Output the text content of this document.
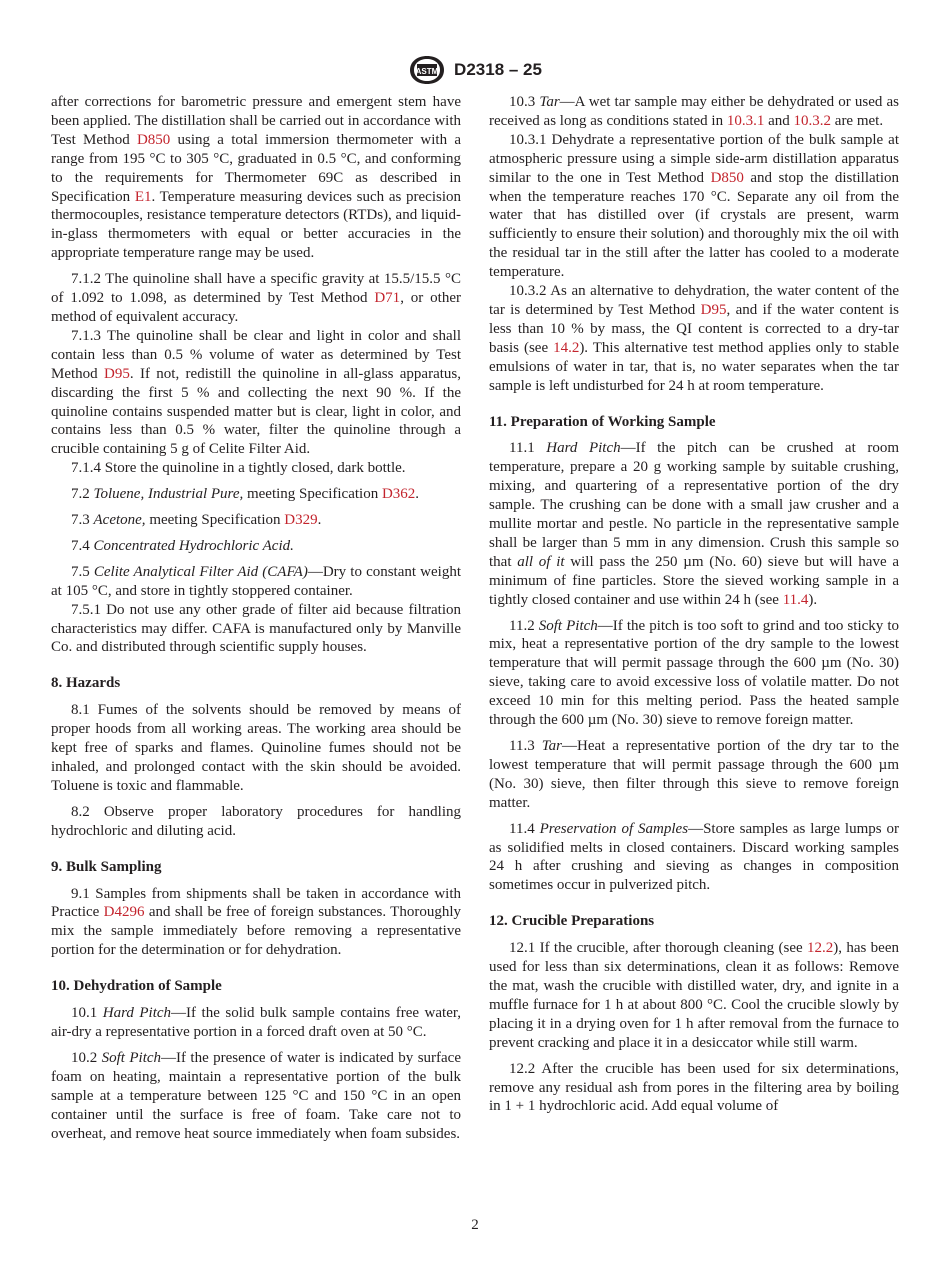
ASTM D2318 – 25

after corrections for barometric pressure and emergent stem have been applied. The distillation shall be carried out in accordance with Test Method D850 using a total immersion thermometer with a range from 195 °C to 305 °C, graduated in 0.5 °C, and conforming to the requirements for Thermometer 69C as described in Specification E1. Temperature measuring devices such as precision thermocouples, resistance temperature detectors (RTDs), and liquid-in-glass thermometers with equal or better accuracies in the appropriate temperature range may be used.

7.1.2 The quinoline shall have a specific gravity at 15.5/15.5 °C of 1.092 to 1.098, as determined by Test Method D71, or other method of equivalent accuracy.

7.1.3 The quinoline shall be clear and light in color and shall contain less than 0.5 % volume of water as determined by Test Method D95. If not, redistill the quinoline in all-glass apparatus, discarding the first 5 % and collecting the next 90 %. If the quinoline contains suspended matter but is clear, light in color, and contains less than 0.5 % water, filter the quinoline through a crucible containing 5 g of Celite Filter Aid.

7.1.4 Store the quinoline in a tightly closed, dark bottle.

7.2 Toluene, Industrial Pure, meeting Specification D362.

7.3 Acetone, meeting Specification D329.

7.4 Concentrated Hydrochloric Acid.

7.5 Celite Analytical Filter Aid (CAFA)—Dry to constant weight at 105 °C, and store in tightly stoppered container.

7.5.1 Do not use any other grade of filter aid because filtration characteristics may differ. CAFA is manufactured only by Manville Co. and distributed through scientific supply houses.

8. Hazards

8.1 Fumes of the solvents should be removed by means of proper hoods from all working areas. The working area should be kept free of sparks and flames. Quinoline fumes should not be inhaled, and prolonged contact with the skin should be avoided. Toluene is toxic and flammable.

8.2 Observe proper laboratory procedures for handling hydrochloric and diluting acid.

9. Bulk Sampling

9.1 Samples from shipments shall be taken in accordance with Practice D4296 and shall be free of foreign substances. Thoroughly mix the sample immediately before removing a representative portion for the determination or for dehydration.

10. Dehydration of Sample

10.1 Hard Pitch—If the solid bulk sample contains free water, air-dry a representative portion in a forced draft oven at 50 °C.

10.2 Soft Pitch—If the presence of water is indicated by surface foam on heating, maintain a representative portion of the bulk sample at a temperature between 125 °C and 150 °C in an open container until the surface is free of foam. Take care not to overheat, and remove heat source immediately when foam subsides.

10.3 Tar—A wet tar sample may either be dehydrated or used as received as long as conditions stated in 10.3.1 and 10.3.2 are met.

10.3.1 Dehydrate a representative portion of the bulk sample at atmospheric pressure using a simple side-arm distillation apparatus similar to the one in Test Method D850 and stop the distillation when the temperature reaches 170 °C. Separate any oil from the water that has distilled over (if crystals are present, warm sufficiently to ensure their solution) and thoroughly mix the oil with the residual tar in the still after the latter has cooled to a moderate temperature.

10.3.2 As an alternative to dehydration, the water content of the tar is determined by Test Method D95, and if the water content is less than 10 % by mass, the QI content is corrected to a dry-tar basis (see 14.2). This alternative test method applies only to stable emulsions of water in tar, that is, no water separates when the tar sample is left undisturbed for 24 h at room temperature.

11. Preparation of Working Sample

11.1 Hard Pitch—If the pitch can be crushed at room temperature, prepare a 20 g working sample by suitable crushing, mixing, and quartering of a representative portion of the dry sample. The crushing can be done with a small jaw crusher and a mullite mortar and pestle. No particle in the representative sample shall be larger than 5 mm in any dimension. Crush this sample so that all of it will pass the 250 µm (No. 60) sieve but will have a minimum of fine particles. Store the sieved working sample in a tightly closed container and use within 24 h (see 11.4).

11.2 Soft Pitch—If the pitch is too soft to grind and too sticky to mix, heat a representative portion of the dry sample to the lowest temperature that will permit passage through the 600 µm (No. 30) sieve, taking care to avoid excessive loss of volatile matter. Do not exceed 10 min for this melting period. Pass the heated sample through the 600 µm (No. 30) sieve to remove foreign matter.

11.3 Tar—Heat a representative portion of the dry tar to the lowest temperature that will permit passage through the 600 µm (No. 30) sieve, then filter through this sieve to remove foreign matter.

11.4 Preservation of Samples—Store samples as large lumps or as solidified melts in closed containers. Discard working samples 24 h after crushing and sieving as changes in composition sometimes occur in pulverized pitch.

12. Crucible Preparations

12.1 If the crucible, after thorough cleaning (see 12.2), has been used for less than six determinations, clean it as follows: Remove the mat, wash the crucible with distilled water, dry, and ignite in a muffle furnace for 1 h at about 800 °C. Cool the crucible slowly by placing it in a drying oven for 1 h after removal from the furnace to prevent cracking and place it in a desiccator while still warm.

12.2 After the crucible has been used for six determinations, remove any residual ash from pores in the filtering area by boiling in 1 + 1 hydrochloric acid. Add equal volume of

2
